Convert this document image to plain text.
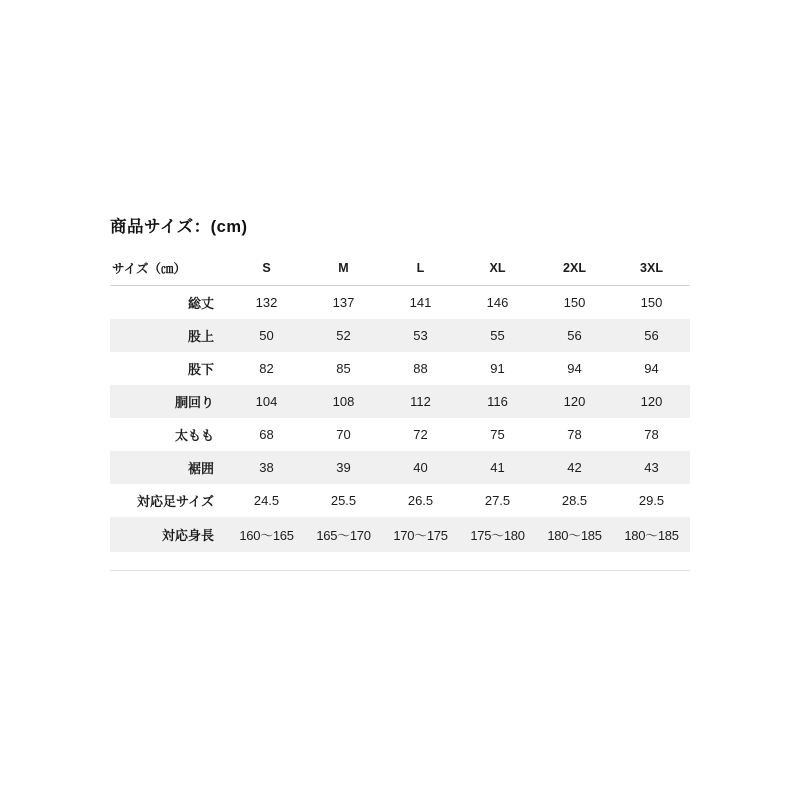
商品サイズ：(cm)
サイズ（㎝）	S	M	L	XL	2XL	3XL
総丈	132	137	141	146	150	150
股上	50	52	53	55	56	56
股下	82	85	88	91	94	94
胴回り	104	108	112	116	120	120
太もも	68	70	72	75	78	78
裾囲	38	39	40	41	42	43
対応足サイズ	24.5	25.5	26.5	27.5	28.5	29.5
対応身長	160〜165	165〜170	170〜175	175〜180	180〜185	180〜185
